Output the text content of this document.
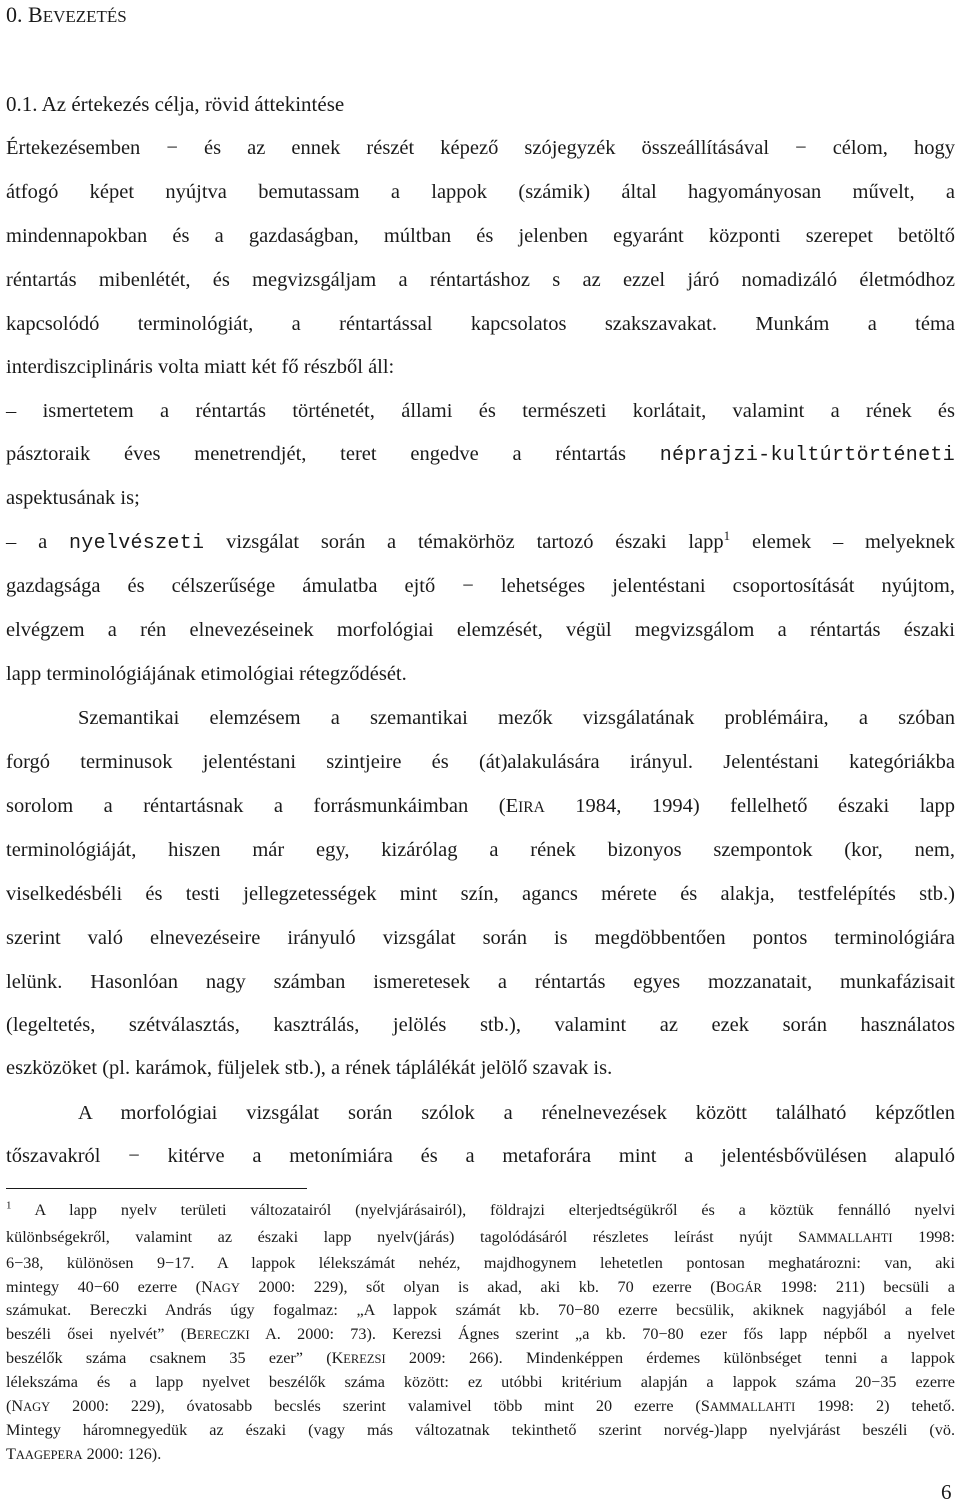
0. BEVEZETÉS
0.1. Az értekezés célja, rövid áttekintése
Értekezésemben − és az ennek részét képező szójegyzék összeállításával − célom, hogy
átfogó képet nyújtva bemutassam a lappok (számik) által hagyományosan művelt, a
mindennapokban és a gazdaságban, múltban és jelenben egyaránt központi szerepet betöltő
réntartás mibenlétét, és megvizsgáljam a réntartáshoz s az ezzel járó nomadizáló életmódhoz
kapcsolódó terminológiát, a réntartással kapcsolatos szakszavakat. Munkám a téma
interdiszciplináris volta miatt két fő részből áll:
– ismertetem a réntartás történetét, állami és természeti korlátait, valamint a rének és
pásztoraik éves menetrendjét, teret engedve a réntartás néprajzi-kultúrtörténeti
aspektusának is;
– a nyelvészeti vizsgálat során a témakörhöz tartozó északi lapp$^1$ elemek – melyeknek
gazdagsága és célszerűsége ámulatba ejtő − lehetséges jelentéstani csoportosítását nyújtom,
elvégzem a rén elnevezéseinek morfológiai elemzését, végül megvizsgálom a réntartás északi
lapp terminológiájának etimológiai rétegződését.
Szemantikai elemzésem a szemantikai mezők vizsgálatának problémáira, a szóban
forgó terminusok jelentéstani szintjeire és (át)alakulására irányul. Jelentéstani kategóriákba
sorolom a réntartásnak a forrásmunkáimban (EIRA 1984, 1994) fellelhető északi lapp
terminológiáját, hiszen már egy, kizárólag a rének bizonyos szempontok (kor, nem,
viselkedésbéli és testi jellegzetességek mint szín, agancs mérete és alakja, testfelépítés stb.)
szerint való elnevezéseire irányuló vizsgálat során is megdöbbentően pontos terminológiára
lelünk. Hasonlóan nagy számban ismeretesek a réntartás egyes mozzanatait, munkafázisait
(legeltetés, szétválasztás, kasztrálás, jelölés stb.), valamint az ezek során használatos
eszközöket (pl. karámok, füljelek stb.), a rének táplálékát jelölő szavak is.
A morfológiai vizsgálat során szólok a rénelnevezések között található képzőtlen
tőszavakról − kitérve a metonímiára és a metaforára mint a jelentésbővülésen alapuló
$^1$ A lapp nyelv területi változatairól (nyelvjárásairól), földrajzi elterjedtségükről és a köztük fennálló nyelvi
különbségekről, valamint az északi lapp nyelv(járás) tagolódásáról részletes leírást nyújt SAMMALLAHTI 1998:
6−38, különösen 9−17. A lappok lélekszámát nehéz, majdhogynem lehetetlen pontosan meghatározni: van, aki
mintegy 40−60 ezerre (NAGY 2000: 229), sőt olyan is akad, aki kb. 70 ezerre (BOGÁR 1998: 211) becsüli a
számukat. Bereczki András úgy fogalmaz: „A lappok számát kb. 70−80 ezerre becsülik, akiknek nagyjából a fele
beszéli ősei nyelvét” (BERECZKI A. 2000: 73). Kerezsi Ágnes szerint „a kb. 70−80 ezer fős lapp népből a nyelvet
beszélők száma csaknem 35 ezer” (KEREZSI 2009: 266). Mindenképpen érdemes különbséget tenni a lappok
lélekszáma és a lapp nyelvet beszélők száma között: ez utóbbi kritérium alapján a lappok száma 20−35 ezerre
(NAGY 2000: 229), óvatosabb becslés szerint valamivel több mint 20 ezerre (SAMMALLAHTI 1998: 2) tehető.
Mintegy háromnegyedük az északi (vagy más változatnak tekinthető szerint norvég-)lapp nyelvjárást beszéli (vö.
TAAGEPERA 2000: 126).
6
